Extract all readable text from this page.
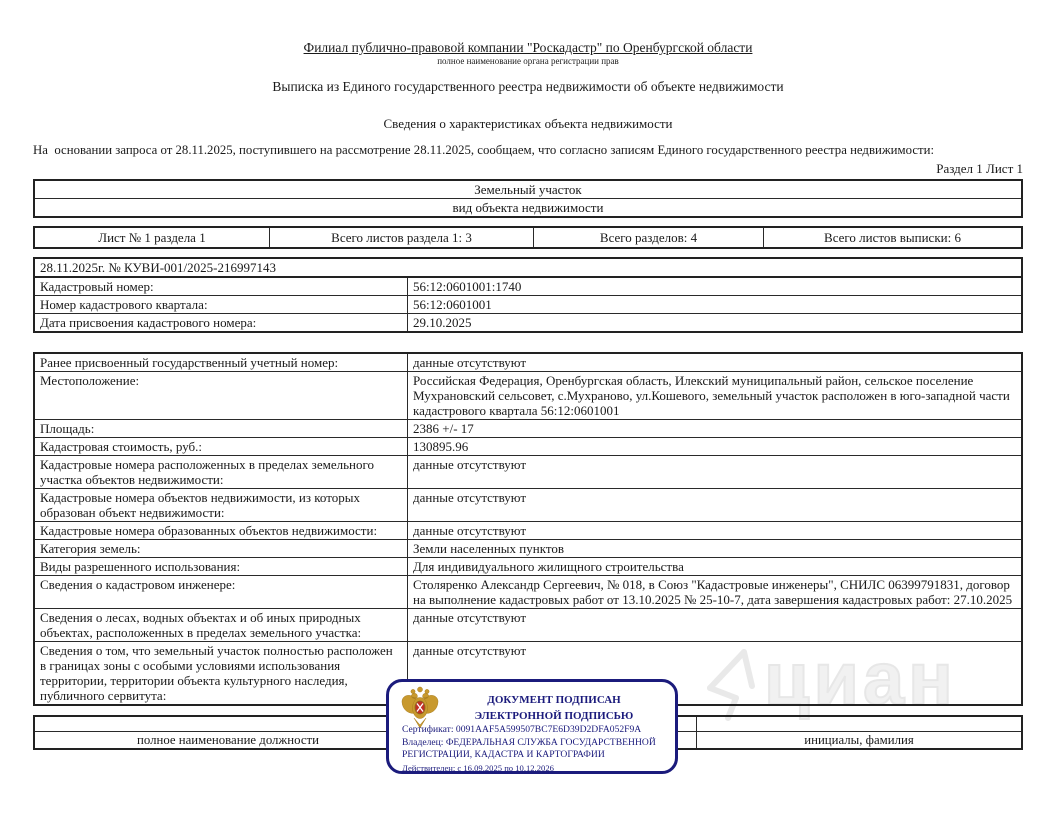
циан
Филиал публично-правовой компании "Роскадастр" по Оренбургской области
полное наименование органа регистрации прав
Выписка из Единого государственного реестра недвижимости об объекте недвижимости
Сведения о характеристиках объекта недвижимости
На  основании запроса от 28.11.2025, поступившего на рассмотрение 28.11.2025, сообщаем, что согласно записям Единого государственного реестра недвижимости:
Раздел 1 Лист 1
Земельный участок
вид объекта недвижимости
Лист № 1 раздела 1	Всего листов раздела 1: 3	Всего разделов: 4	Всего листов выписки: 6
28.11.2025г. № КУВИ-001/2025-216997143
Кадастровый номер:	56:12:0601001:1740
Номер кадастрового квартала:	56:12:0601001
Дата присвоения кадастрового номера:	29.10.2025
Ранее присвоенный государственный учетный номер:	данные отсутствуют
Местоположение:	Российская Федерация, Оренбургская область, Илекский муниципальный район, сельское поселение Мухрановский сельсовет, с.Мухраново, ул.Кошевого, земельный участок расположен в юго-западной части кадастрового квартала 56:12:0601001
Площадь:	2386 +/- 17
Кадастровая стоимость, руб.:	130895.96
Кадастровые номера расположенных в пределах земельного участка объектов недвижимости:
данные отсутствуют
Кадастровые номера объектов недвижимости, из которых образован объект недвижимости:
данные отсутствуют
Кадастровые номера образованных объектов недвижимости:	данные отсутствуют
Категория земель:	Земли населенных пунктов
Виды разрешенного использования:	Для индивидуального жилищного строительства
Сведения о кадастровом инженере:	Столяренко Александр Сергеевич, № 018, в Союз "Кадастровые инженеры", СНИЛС 06399791831, договор на выполнение кадастровых работ от 13.10.2025 № 25-10-7, дата завершения кадастровых работ: 27.10.2025
Сведения о лесах, водных объектах и об иных природных объектах, расположенных в пределах земельного участка:
данные отсутствуют
Сведения о том, что земельный участок полностью расположен в границах зоны с особыми условиями использования территории, территории объекта культурного наследия, публичного сервитута:
данные отсутствуют
полное наименование должности	инициалы, фамилия
ДОКУМЕНТ ПОДПИСАН
ЭЛЕКТРОННОЙ ПОДПИСЬЮ
Сертификат: 0091AAF5A599507BC7E6D39D2DFA052F9A
Владелец: ФЕДЕРАЛЬНАЯ СЛУЖБА ГОСУДАРСТВЕННОЙ
РЕГИСТРАЦИИ, КАДАСТРА И КАРТОГРАФИИ
Действителен: с 16.09.2025 по 10.12.2026
